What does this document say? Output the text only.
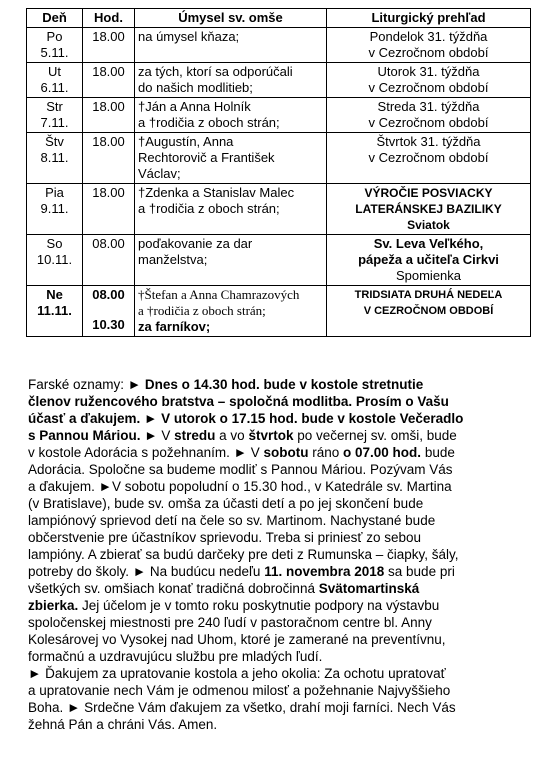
Deň	Hod.	Úmysel sv. omše	Liturgický prehľad

Po
5.11.	18.00	na úmysel kňaza;	Pondelok 31. týždňa
v Cezročnom období

Ut
6.11.	18.00	za tých, ktorí sa odporúčali
do našich modlitieb;	Utorok 31. týždňa
v Cezročnom období

Str
7.11.	18.00	†Ján a Anna Holník
a †rodičia z oboch strán;	Streda 31. týždňa
v Cezročnom období

Štv
8.11.	18.00	†Augustín, Anna
Rechtorovič a František
Václav;	Štvrtok 31. týždňa
v Cezročnom období

Pia
9.11.	18.00	†Zdenka a Stanislav Malec
a †rodičia z oboch strán;	VÝROČIE POSVIACKY
LATERÁNSKEJ BAZILIKY
Sviatok

So
10.11.	08.00	poďakovanie za dar
manželstva;	Sv. Leva Veľkého,
pápeža a učiteľa Cirkvi
Spomienka

Ne
11.11.	08.00
10.30	†Štefan a Anna Chamrazových
a †rodičia z oboch strán;
za farníkov;	TRIDSIATA DRUHÁ NEDEĽA
V CEZROČNOM OBDOBÍ

Farské oznamy: ► Dnes o 14.30 hod. bude v kostole stretnutie

členov ružencového bratstva – spoločná modlitba. Prosím o Vašu

účasť a ďakujem. ► V utorok o 17.15 hod. bude v kostole Večeradlo

s Pannou Máriou. ► V stredu a vo štvrtok po večernej sv. omši, bude

v kostole Adorácia s požehnaním. ► V sobotu ráno o 07.00 hod. bude

Adorácia. Spoločne sa budeme modliť s Pannou Máriou. Pozývam Vás

a ďakujem. ►V sobotu popoludní o 15.30 hod., v Katedrále sv. Martina

(v Bratislave), bude sv. omša za účasti detí a po jej skončení bude

lampiónový sprievod detí na čele so sv. Martinom. Nachystané bude

občerstvenie pre účastníkov sprievodu. Treba si priniesť zo sebou

lampióny. A zbierať sa budú darčeky pre deti z Rumunska – čiapky, šály,

potreby do školy. ► Na budúcu nedeľu 11. novembra 2018 sa bude pri

všetkých sv. omšiach konať tradičná dobročinná Svätomartinská

zbierka. Jej účelom je v tomto roku poskytnutie podpory na výstavbu

spoločenskej miestnosti pre 240 ľudí v pastoračnom centre bl. Anny

Kolesárovej vo Vysokej nad Uhom, ktoré je zamerané na preventívnu,

formačnú a uzdravujúcu službu pre mladých ľudí.

► Ďakujem za upratovanie kostola a jeho okolia: Za ochotu upratovať

a upratovanie nech Vám je odmenou milosť a požehnanie Najvyššieho

Boha. ► Srdečne Vám ďakujem za všetko, drahí moji farníci. Nech Vás

žehná Pán a chráni Vás. Amen.
